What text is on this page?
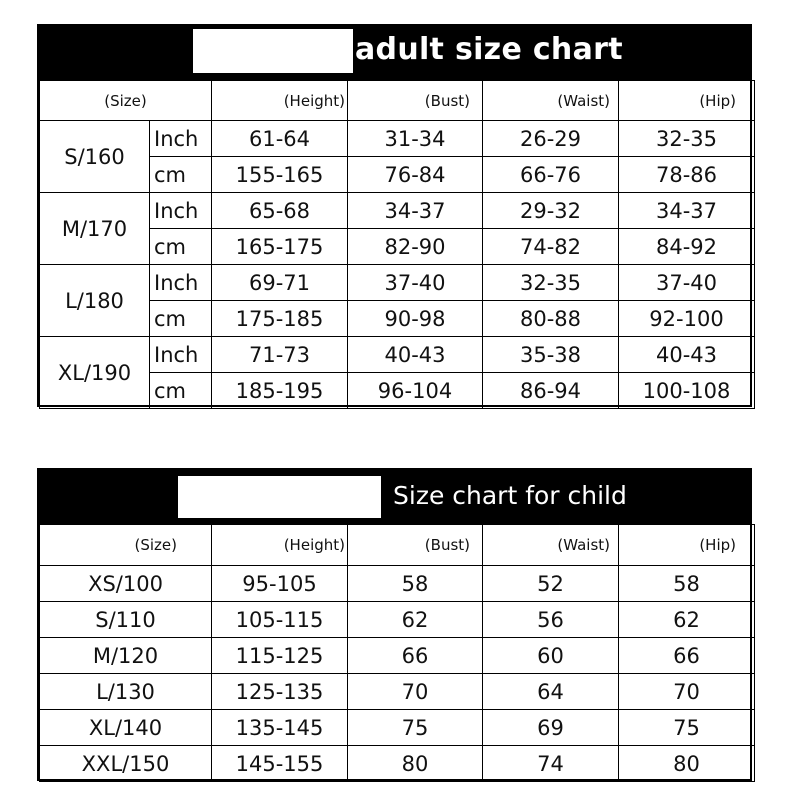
adult size chart
(Size)		(Height)	(Bust)	(Waist)	(Hip)
S/160	Inch	61-64	31-34	26-29	32-35
	cm	155-165	76-84	66-76	78-86
M/170	Inch	65-68	34-37	29-32	34-37
	cm	165-175	82-90	74-82	84-92
L/180	Inch	69-71	37-40	32-35	37-40
	cm	175-185	90-98	80-88	92-100
XL/190	Inch	71-73	40-43	35-38	40-43
	cm	185-195	96-104	86-94	100-108
Size chart for child
(Size)	(Height)	(Bust)	(Waist)	(Hip)
XS/100	95-105	58	52	58
S/110	105-115	62	56	62
M/120	115-125	66	60	66
L/130	125-135	70	64	70
XL/140	135-145	75	69	75
XXL/150	145-155	80	74	80
